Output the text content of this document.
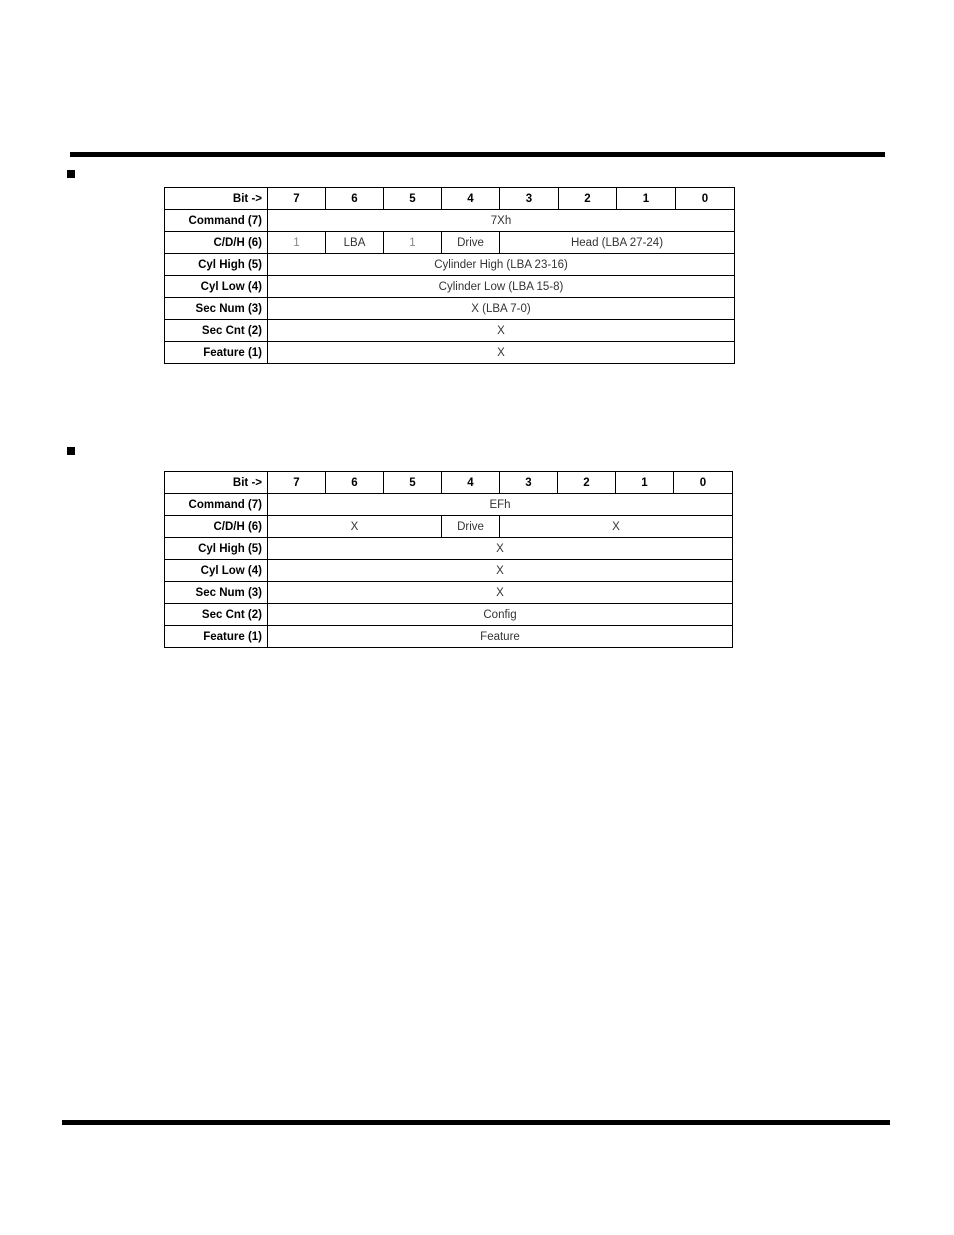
Bit ->	7	6	5	4	3	2	1	0
Command (7)	7Xh							
C/D/H (6)	1	LBA	1	Drive	Head (LBA 27-24)			
Cyl High (5)	Cylinder High (LBA 23-16)							
Cyl Low (4)	Cylinder Low (LBA 15-8)							
Sec Num (3)	X (LBA 7-0)							
Sec Cnt (2)	X							
Feature (1)	X							
Bit ->	7	6	5	4	3	2	1	0
Command (7)	EFh							
C/D/H (6)	X			Drive	X			
Cyl High (5)	X							
Cyl Low (4)	X							
Sec Num (3)	X							
Sec Cnt (2)	Config							
Feature (1)	Feature							
